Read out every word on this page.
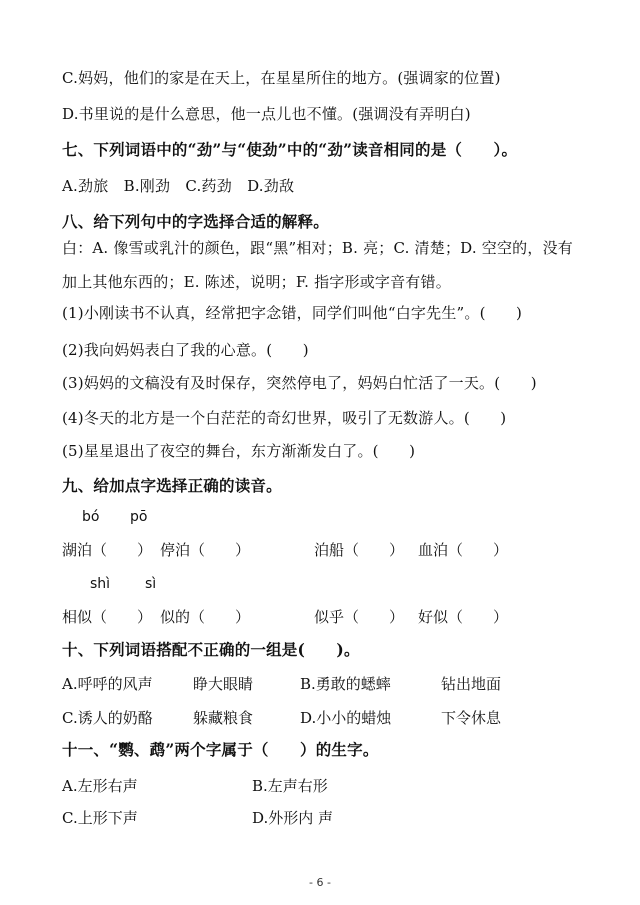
C.妈妈，他们的家是在天上，在星星所住的地方。(强调家的位置)
D.书里说的是什么意思，他一点儿也不懂。(强调没有弄明白)
七、下列词语中的“劲”与“使劲”中的“劲”读音相同的是（　　）。
A.劲旅　B.刚劲　C.药劲　D.劲敌
八、给下列句中的字选择合适的解释。
白：A. 像雪或乳汁的颜色，跟“黑”相对；B. 亮；C. 清楚；D. 空空的，没有
加上其他东西的；E. 陈述，说明；F. 指字形或字音有错。
(1)小刚读书不认真，经常把字念错，同学们叫他“白字先生”。(　　)
(2)我向妈妈表白了我的心意。(　　)
(3)妈妈的文稿没有及时保存，突然停电了，妈妈白忙活了一天。(　　)
(4)冬天的北方是一个白茫茫的奇幻世界，吸引了无数游人。(　　)
(5)星星退出了夜空的舞台，东方渐渐发白了。(　　)
九、给加点字选择正确的读音。
bó pō
湖泊（　　） 停泊（　　）	泊船（　　） 血泊（　　）
shì sì
相似（　　） 似的（　　）	似乎（　　） 好似（　　）
十、下列词语搭配不正确的一组是(　　)。
A.呼呼的风声	睁大眼睛	B.勇敢的蟋蟀	钻出地面
C.诱人的奶酪	躲藏粮食	D.小小的蜡烛	下令休息
十一、“鹦、鹉”两个字属于（　　）的生字。
A.左形右声	B.左声右形
C.上形下声	D.外形内 声
- 6 -
